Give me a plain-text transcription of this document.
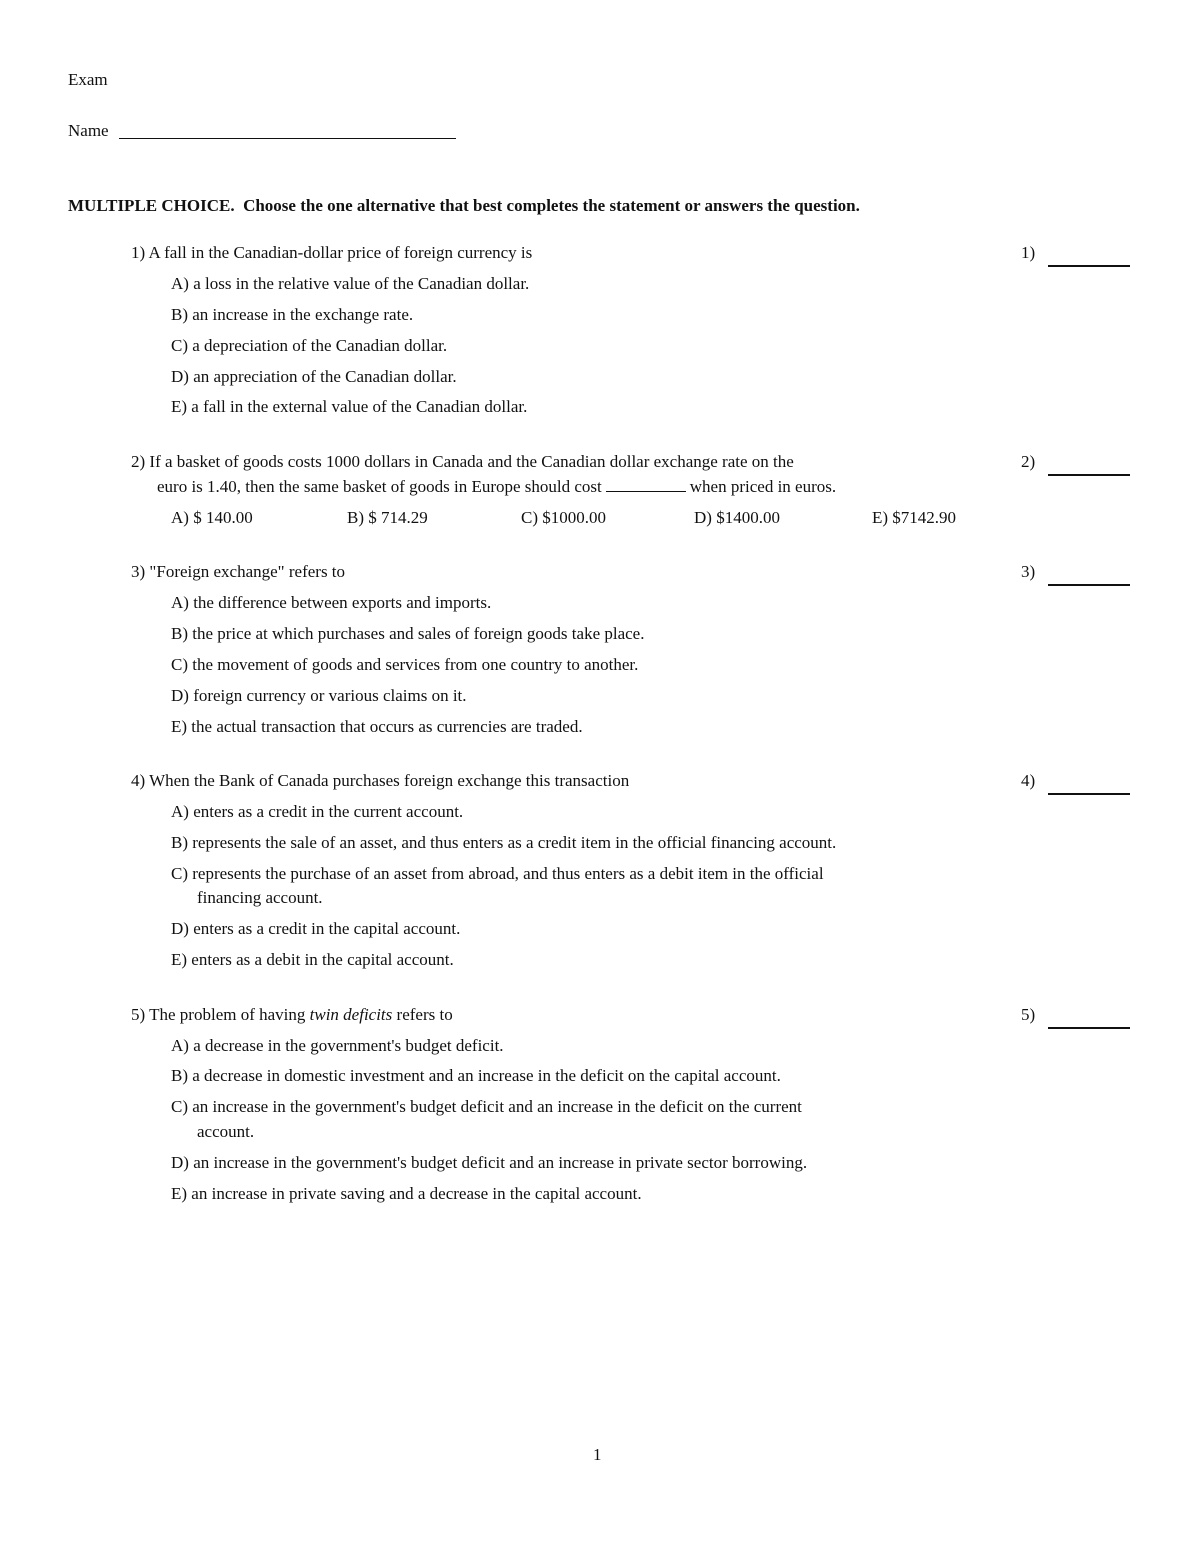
Exam
Name
MULTIPLE CHOICE. Choose the one alternative that best completes the statement or answers the question.
1) A fall in the Canadian-dollar price of foreign currency is	1)
A) a loss in the relative value of the Canadian dollar.
B) an increase in the exchange rate.
C) a depreciation of the Canadian dollar.
D) an appreciation of the Canadian dollar.
E) a fall in the external value of the Canadian dollar.
2) If a basket of goods costs 1000 dollars in Canada and the Canadian dollar exchange rate on the
euro is 1.40, then the same basket of goods in Europe should cost	when priced in euros.
2)
A) $ 140.00	B) $ 714.29	C) $1000.00	D) $1400.00	E) $7142.90
3) "Foreign exchange" refers to	3)
A) the difference between exports and imports.
B) the price at which purchases and sales of foreign goods take place.
C) the movement of goods and services from one country to another.
D) foreign currency or various claims on it.
E) the actual transaction that occurs as currencies are traded.
4) When the Bank of Canada purchases foreign exchange this transaction	4)
A) enters as a credit in the current account.
B) represents the sale of an asset, and thus enters as a credit item in the official financing account.
C) represents the purchase of an asset from abroad, and thus enters as a debit item in the official
financing account.
D) enters as a credit in the capital account.
E) enters as a debit in the capital account.
5) The problem of having twin deficits refers to	5)
A) a decrease in the government's budget deficit.
B) a decrease in domestic investment and an increase in the deficit on the capital account.
C) an increase in the government's budget deficit and an increase in the deficit on the current
account.
D) an increase in the government's budget deficit and an increase in private sector borrowing.
E) an increase in private saving and a decrease in the capital account.
1
